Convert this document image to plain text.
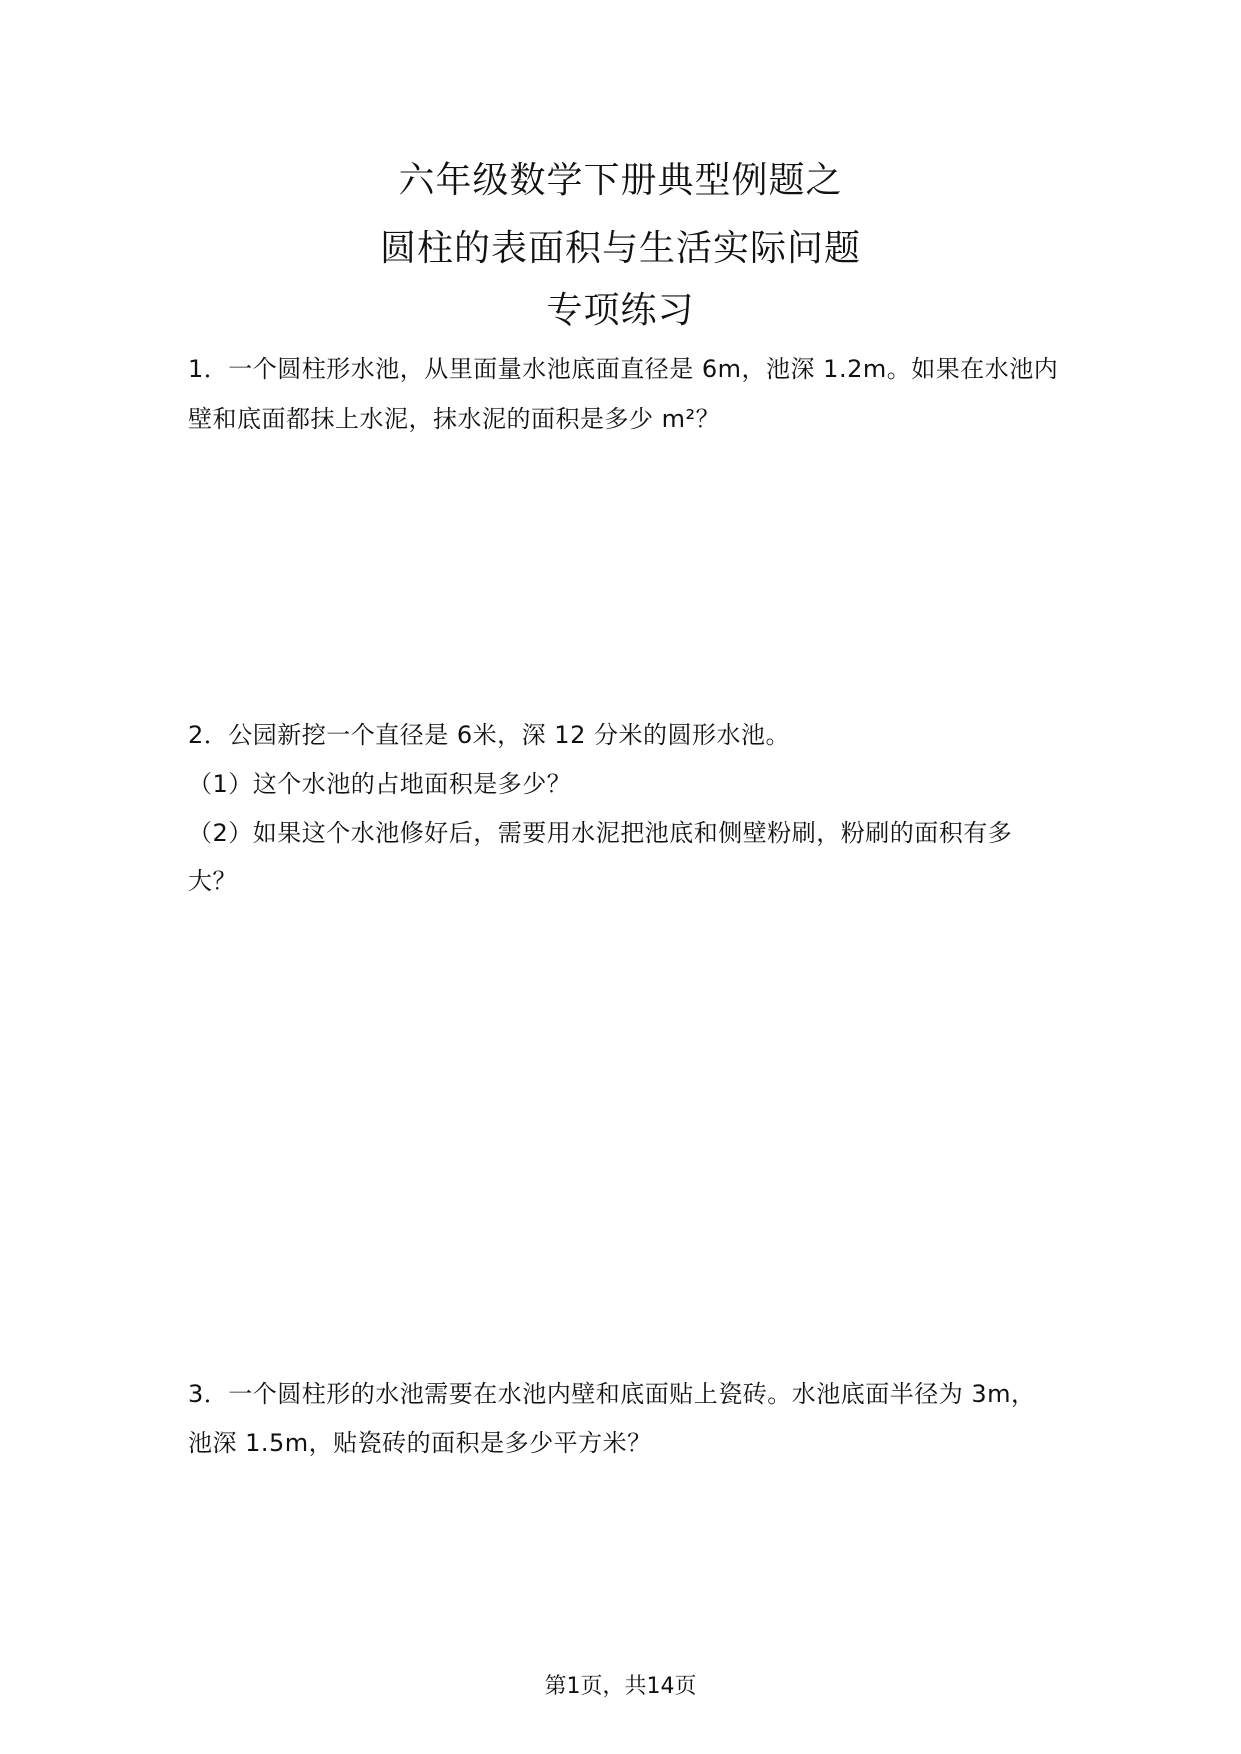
六年级数学下册典型例题之
圆柱的表面积与生活实际问题
专项练习
1．一个圆柱形水池，从里面量水池底面直径是 6m，池深 1.2m。如果在水池内
壁和底面都抹上水泥，抹水泥的面积是多少 m²？
2．公园新挖一个直径是 6米，深 12 分米的圆形水池。
（1）这个水池的占地面积是多少？
（2）如果这个水池修好后，需要用水泥把池底和侧壁粉刷，粉刷的面积有多
大？
3．一个圆柱形的水池需要在水池内壁和底面贴上瓷砖。水池底面半径为 3m，
池深 1.5m，贴瓷砖的面积是多少平方米？
第1页，共14页
